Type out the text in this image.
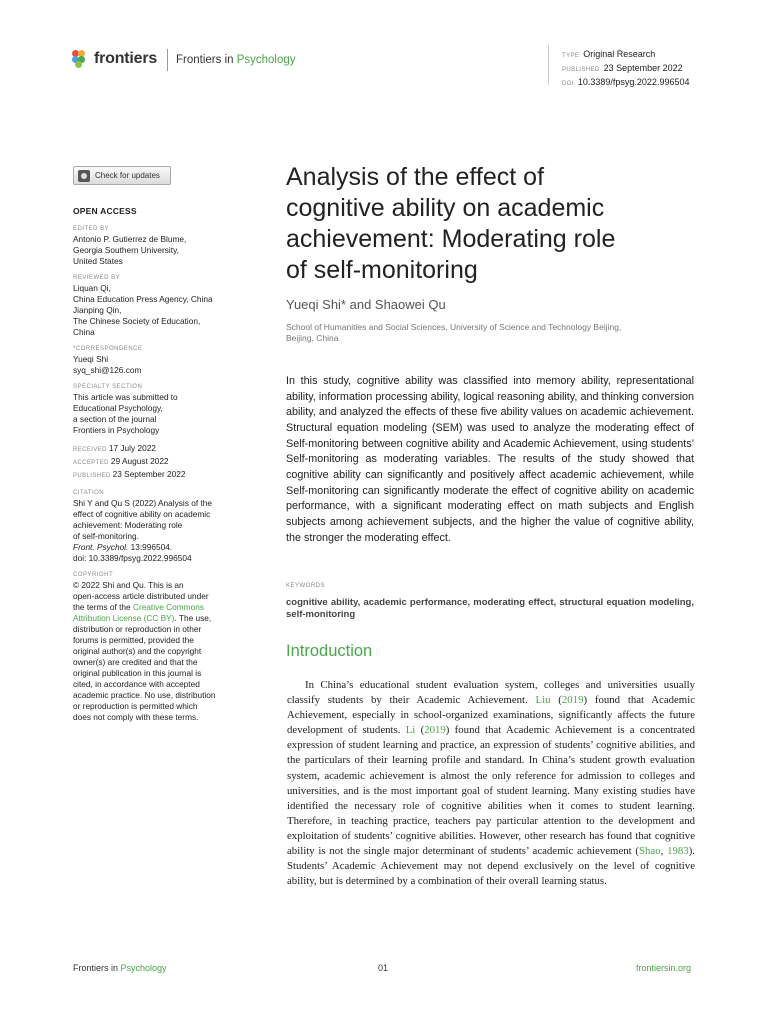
frontiers Frontiers in Psychology	TYPE Original Research
PUBLISHED 23 September 2022
DOI 10.3389/fpsyg.2022.996504
Check for updates
OPEN ACCESS
EDITED BY
Antonio P. Gutierrez de Blume,
Georgia Southern University,
United States
REVIEWED BY
Liquan Qi,
China Education Press Agency, China
Jianping Qin,
The Chinese Society of Education,
China
*CORRESPONDENCE
Yueqi Shi
syq_shi@126.com
SPECIALTY SECTION
This article was submitted to
Educational Psychology,
a section of the journal
Frontiers in Psychology
RECEIVED 17 July 2022
ACCEPTED 29 August 2022
PUBLISHED 23 September 2022
CITATION
Shi Y and Qu S (2022) Analysis of the
effect of cognitive ability on academic
achievement: Moderating role
of self-monitoring.
Front. Psychol. 13:996504.
doi: 10.3389/fpsyg.2022.996504
COPYRIGHT
© 2022 Shi and Qu. This is an
open-access article distributed under
the terms of the Creative Commons
Attribution License (CC BY). The use,
distribution or reproduction in other
forums is permitted, provided the
original author(s) and the copyright
owner(s) are credited and that the
original publication in this journal is
cited, in accordance with accepted
academic practice. No use, distribution
or reproduction is permitted which
does not comply with these terms.
Analysis of the effect of
cognitive ability on academic
achievement: Moderating role
of self-monitoring
Yueqi Shi* and Shaowei Qu
School of Humanities and Social Sciences, University of Science and Technology Beijing,
Beijing, China
In this study, cognitive ability was classified into memory ability, representational ability, information processing ability, logical reasoning ability, and thinking conversion ability, and analyzed the effects of these five ability values on academic achievement. Structural equation modeling (SEM) was used to analyze the moderating effect of Self-monitoring between cognitive ability and Academic Achievement, using students’ Self-monitoring as moderating variables. The results of the study showed that cognitive ability can significantly and positively affect academic achievement, while Self-monitoring can significantly moderate the effect of cognitive ability on academic performance, with a significant moderating effect on math subjects and English subjects among achievement subjects, and the higher the value of cognitive ability, the stronger the moderating effect.
KEYWORDS
cognitive ability, academic performance, moderating effect, structural equation modeling, self-monitoring
Introduction
In China’s educational student evaluation system, colleges and universities usually classify students by their Academic Achievement. Liu (2019) found that Academic Achievement, especially in school-organized examinations, significantly affects the future development of students. Li (2019) found that Academic Achievement is a concentrated expression of student learning and practice, an expression of students’ cognitive abilities, and the particulars of their learning profile and standard. In China’s student growth evaluation system, academic achievement is almost the only reference for admission to colleges and universities, and is the most important goal of student learning. Many existing studies have identified the necessary role of cognitive abilities when it comes to student learning. Therefore, in teaching practice, teachers pay particular attention to the development and exploitation of students’ cognitive abilities. However, other research has found that cognitive ability is not the single major determinant of students’ academic achievement (Shao, 1983). Students’ Academic Achievement may not depend exclusively on the level of cognitive ability, but is determined by a combination of their overall learning status.
Frontiers in Psychology	01	frontiersin.org
